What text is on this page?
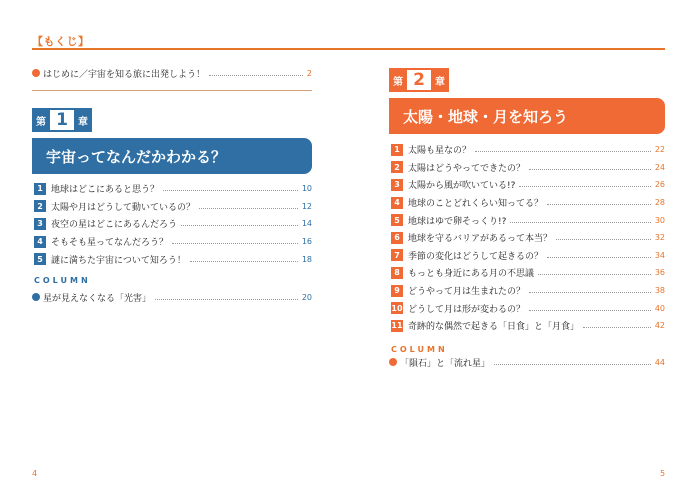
【もくじ】
はじめに／宇宙を知る旅に出発しよう！	2
第 1	章
宇宙ってなんだかわかる？
1 地球はどこにあると思う？	10
2 太陽や月はどうして動いているの？	12
3 夜空の星はどこにあるんだろう	14
4 そもそも星ってなんだろう？	16
5 謎に満ちた宇宙について知ろう！	18
COLUMN
星が見えなくなる「光害」	20
第 2	章
太陽・地球・月を知ろう
1 太陽も星なの？	22
2 太陽はどうやってできたの？	24
3 太陽から風が吹いている!?	26
4 地球のことどれくらい知ってる？	28
5 地球はゆで卵そっくり!?	30
6 地球を守るバリアがあるって本当？	32
7 季節の変化はどうして起きるの？	34
8 もっとも身近にある月の不思議	36
9 どうやって月は生まれたの？	38
10 どうして月は形が変わるの？	40
11 奇跡的な偶然で起きる「日食」と「月食」	42
COLUMN
「隕石」と「流れ星」	44
4	5
